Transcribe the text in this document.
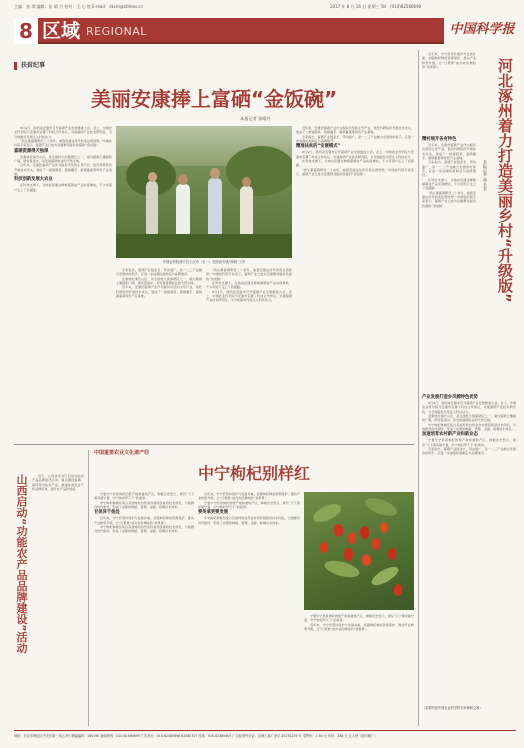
主编：张 琪 编辑：张 晴 月 校对：王 心 悦 E-mail：rikcm@stimes.cn	2017 年 8 月 16 日 星期三 Tel：(010)62580690
8 区域 REGIONAL	中国科学报
扶贫纪事
美丽安康捧上富硒“金饭碗”
本报记者 张晴丹

8月4日，陕西省安康市召开富硒产业发展推进大会。会上，中国农业科学院与安康市签署了科技合作协议，共建富硒产业技术研究院，为当地脱贫攻坚注入科技动力。

“我从事富硒研究二十余年，看到安康这些年的变化很欣慰。”中国农科院专家表示，富硒产业已成为安康群众脱贫致富的“金饭碗”。

富硒资源得天独厚

安康地处秦巴山区，是全国较大的富硒区之一，境内富硒土壤面积广阔，硒含量适中，是发展富硒农业的天然宝地。

近年来，安康把富硒产业作为脱贫攻坚的主导产业，依托科研院所开展技术攻关，建成了一批富硒茶、富硒魔芋、富硒畜禽等特色产业基地。

科技创新发展大农业

在科技支撑下，当地农民通过种植富硒农产品实现增收，不少贫困户走上了致富路。

中国农科院研究员王汉中（右一）在陕西安康“调研”工作

专家指出，富硒产业链条长、带动面广，是一二三产业融合发展的好抓手，应进一步加强标准制定与品牌建设。

安康地处秦巴山区，是全国较大的富硒区之一，境内富硒土壤面积广阔，硒含量适中，是发展富硒农业的天然宝地。

近年来，安康把富硒产业作为脱贫攻坚的主导产业，依托科研院所开展技术攻关，建成了一批富硒茶、富硒魔芋、富硒畜禽等特色产业基地。

“我从事富硒研究二十余年，看到安康这些年的变化很欣慰。”中国农科院专家表示，富硒产业已成为安康群众脱贫致富的“金饭碗”。

在科技支撑下，当地农民通过种植富硒农产品实现增收，不少贫困户走上了致富路。

8月4日，陕西省安康市召开富硒产业发展推进大会。会上，中国农业科学院与安康市签署了科技合作协议，共建富硒产业技术研究院，为当地脱贫攻坚注入科技动力。

近年来，安康把富硒产业作为脱贫攻坚的主导产业，依托科研院所开展技术攻关，建成了一批富硒茶、富硒魔芋、富硒畜禽等特色产业基地。

专家指出，富硒产业链条长、带动面广，是一二三产业融合发展的好抓手，应进一步加强标准制定与品牌建设。

精准扶贫的“安康模式”

8月4日，陕西省安康市召开富硒产业发展推进大会。会上，中国农业科学院与安康市签署了科技合作协议，共建富硒产业技术研究院，为当地脱贫攻坚注入科技动力。

在科技支撑下，当地农民通过种植富硒农产品实现增收，不少贫困户走上了致富路。

“我从事富硒研究二十余年，看到安康这些年的变化很欣慰。”中国农科院专家表示，富硒产业已成为安康群众脱贫致富的“金饭碗”。

山西启动“功能农产品品牌建设”活动	近日，山西省农业厅启动功能农产品品牌建设活动，重点围绕富硒、富锌等功能农产品，推进标准化生产和品牌培育，提升农产品附加值。

中国重要农业文化遗产⑲
中宁枸杞别样红

宁夏中宁县是枸杞的原产地和道地产区，种植历史悠久，素有“天下黄河富宁夏，中宁枸杞甲天下”的美誉。

中宁枸杞种植系统以其独特的自然条件和传统栽培技术闻名，当地群众世代相传，形成了完整的种植、管理、采摘、晾晒技术体系。

甘美异于他处

近年来，中宁县坚持保护与发展并重，加强枸杞种质资源保护，推动产业转型升级，让“红果果”成为农民增收的“金果果”。

中宁枸杞种植系统以其独特的自然条件和传统栽培技术闻名，当地群众世代相传，形成了完整的种植、管理、采摘、晾晒技术体系。

近年来，中宁县坚持保护与发展并重，加强枸杞种质资源保护，推动产业转型升级，让“红果果”成为农民增收的“金果果”。

宁夏中宁县是枸杞的原产地和道地产区，种植历史悠久，素有“天下黄河富宁夏，中宁枸杞甲天下”的美誉。

要传承更要发展

中宁枸杞种植系统以其独特的自然条件和传统栽培技术闻名，当地群众世代相传，形成了完整的种植、管理、采摘、晾晒技术体系。

宁夏中宁县是枸杞的原产地和道地产区，种植历史悠久，素有“天下黄河富宁夏，中宁枸杞甲天下”的美誉。

近年来，中宁县坚持保护与发展并重，加强枸杞种质资源保护，推动产业转型升级，让“红果果”成为农民增收的“金果果”。

近年来，中宁县坚持保护与发展并重，加强枸杞种质资源保护，推动产业转型升级，让“红果果”成为农民增收的“金果果”。	河北涿州着力打造美丽乡村“升级版”
本报记者 高 长安
精村规开各有特色

近年来，安康把富硒产业作为脱贫攻坚的主导产业，依托科研院所开展技术攻关，建成了一批富硒茶、富硒魔芋、富硒畜禽等特色产业基地。

专家指出，富硒产业链条长、带动面广，是一二三产业融合发展的好抓手，应进一步加强标准制定与品牌建设。

在科技支撑下，当地农民通过种植富硒农产品实现增收，不少贫困户走上了致富路。

“我从事富硒研究二十余年，看到安康这些年的变化很欣慰。”中国农科院专家表示，富硒产业已成为安康群众脱贫致富的“金饭碗”。

产业发展打造乡风源特色优势

8月4日，陕西省安康市召开富硒产业发展推进大会。会上，中国农业科学院与安康市签署了科技合作协议，共建富硒产业技术研究院，为当地脱贫攻坚注入科技动力。

安康地处秦巴山区，是全国较大的富硒区之一，境内富硒土壤面积广阔，硒含量适中，是发展富硒农业的天然宝地。

中宁枸杞种植系统以其独特的自然条件和传统栽培技术闻名，当地群众世代相传，形成了完整的种植、管理、采摘、晾晒技术体系。

加速培育农村新产业和新业态

宁夏中宁县是枸杞的原产地和道地产区，种植历史悠久，素有“天下黄河富宁夏，中宁枸杞甲天下”的美誉。

专家指出，富硒产业链条长、带动面广，是一二三产业融合发展的好抓手，应进一步加强标准制定与品牌建设。

（本期刊登中国农业科学院专家调研文章）
地址：北京市海淀区中关村南一条乙3号 邮编编码：100190 新闻热线：010-62580699 广告发行：010-62580696 62580707 传真：010-62580607 广告经营许可证：京海工商广登字 20170239 号 零售价：1.50 元 年价：288 元 五人份（经印刷厂）
